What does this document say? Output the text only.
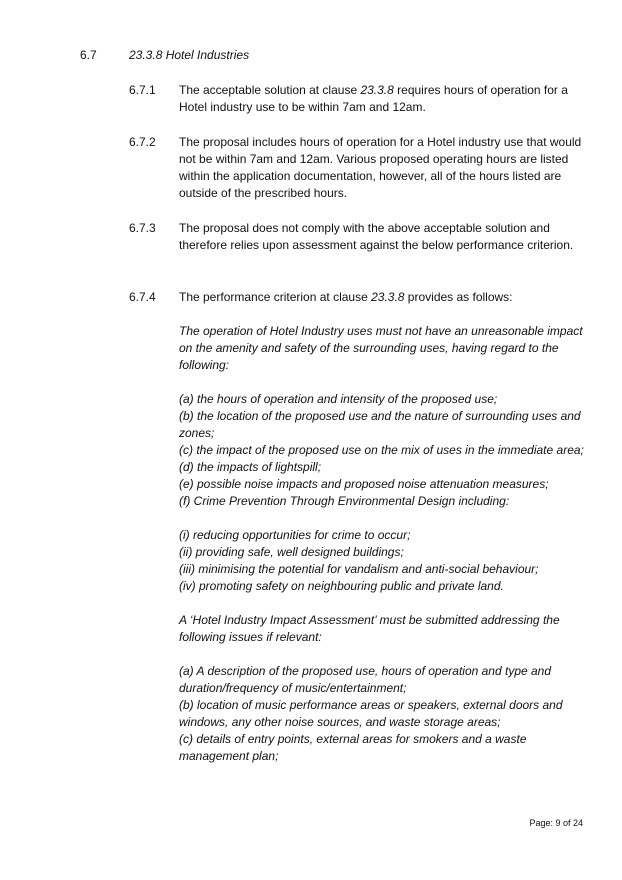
6.7	23.3.8 Hotel Industries
6.7.1 The acceptable solution at clause 23.3.8 requires hours of operation for a Hotel industry use to be within 7am and 12am.
6.7.2 The proposal includes hours of operation for a Hotel industry use that would not be within 7am and 12am. Various proposed operating hours are listed within the application documentation, however, all of the hours listed are outside of the prescribed hours.
6.7.3 The proposal does not comply with the above acceptable solution and therefore relies upon assessment against the below performance criterion.
6.7.4 The performance criterion at clause 23.3.8 provides as follows:

The operation of Hotel Industry uses must not have an unreasonable impact on the amenity and safety of the surrounding uses, having regard to the following:

(a) the hours of operation and intensity of the proposed use;

(b) the location of the proposed use and the nature of surrounding uses and zones;

(c) the impact of the proposed use on the mix of uses in the immediate area;

(d) the impacts of lightspill;

(e) possible noise impacts and proposed noise attenuation measures;

(f) Crime Prevention Through Environmental Design including:

(i) reducing opportunities for crime to occur;

(ii) providing safe, well designed buildings;

(iii) minimising the potential for vandalism and anti-social behaviour;

(iv) promoting safety on neighbouring public and private land.

A ‘Hotel Industry Impact Assessment’ must be submitted addressing the following issues if relevant:

(a) A description of the proposed use, hours of operation and type and duration/frequency of music/entertainment;

(b) location of music performance areas or speakers, external doors and windows, any other noise sources, and waste storage areas;

(c) details of entry points, external areas for smokers and a waste management plan;

Page: 9 of 24
